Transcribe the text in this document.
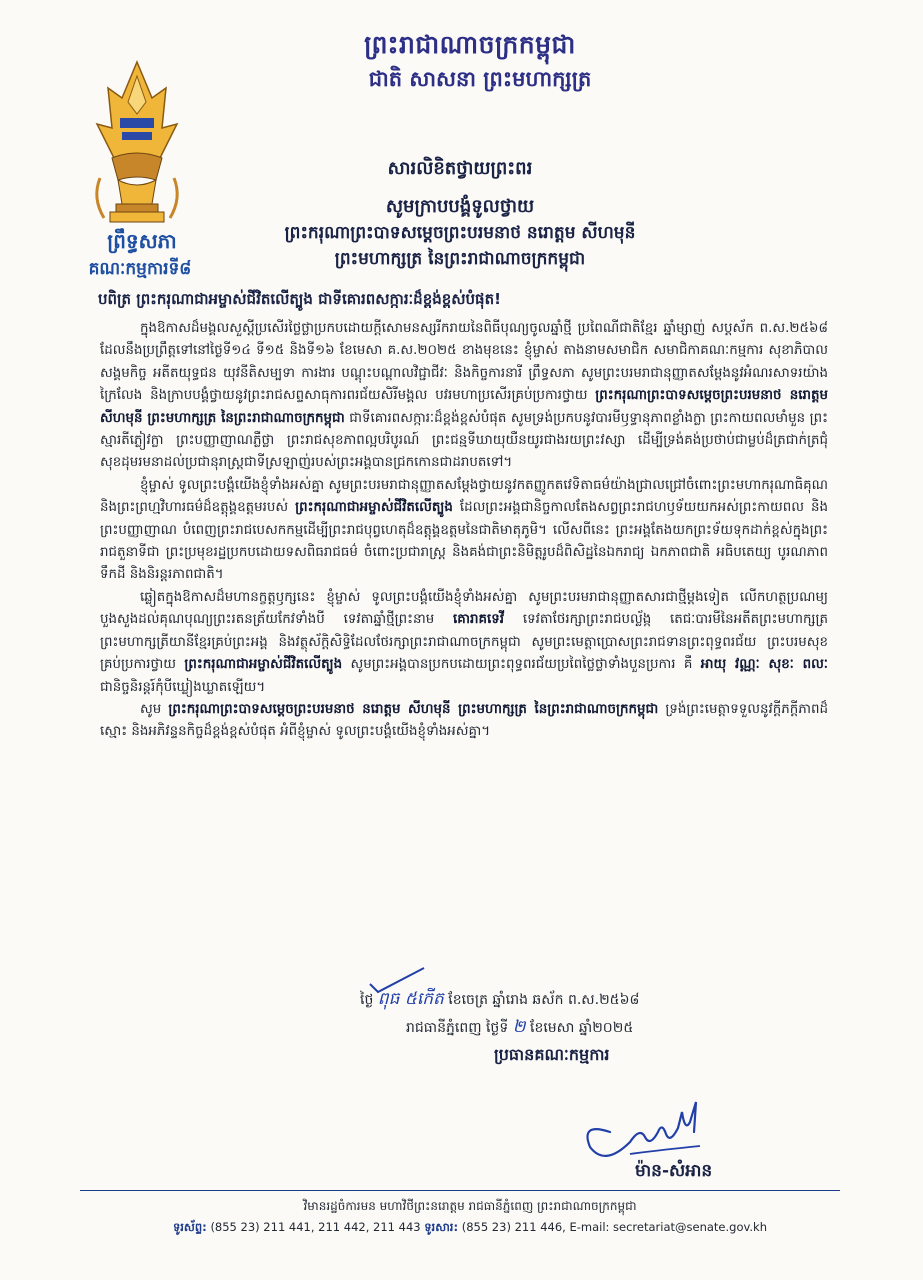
ព្រះរាជាណាចក្រកម្ពុជា
ជាតិ សាសនា ព្រះមហាក្សត្រ
ព្រឹទ្ធសភា
គណៈកម្មការទី៨
សារលិខិតថ្វាយព្រះពរ
សូមក្រាបបង្គំទូលថ្វាយ
ព្រះករុណាព្រះបាទសម្តេចព្រះបរមនាថ នរោត្តម សីហមុនី
ព្រះមហាក្សត្រ នៃព្រះរាជាណាចក្រកម្ពុជា
បពិត្រ ព្រះករុណាជាអម្ចាស់ជីវិតលើត្បូង ជាទីគោរពសក្ការៈដ៏ខ្ពង់ខ្ពស់បំផុត!

ក្នុងឱកាសដ៏មង្គលសួស្តីប្រសើរថ្លៃថ្លាប្រកបដោយក្តីសោមនស្សរីករាយនៃពិធីបុណ្យចូលឆ្នាំថ្មី ប្រពៃណីជាតិខ្មែរ ឆ្នាំម្សាញ់ សប្តស័ក ព.ស.២៥៦៨ ដែលនឹងប្រព្រឹត្តទៅនៅថ្ងៃទី១៤ ទី១៥ និងទី១៦ ខែមេសា គ.ស.២០២៥ ខាងមុខនេះ ខ្ញុំម្ចាស់ តាងនាមសមាជិក សមាជិកាគណៈកម្មការ សុខាភិបាល សង្គមកិច្ច អតីតយុទ្ធជន យុវនីតិសម្បទា ការងារ បណ្តុះបណ្តាលវិជ្ជាជីវៈ និងកិច្ចការនារី ព្រឹទ្ធសភា សូមព្រះបរមរាជានុញ្ញាតសម្តែងនូវអំណរសាទរយ៉ាងក្រៃលែង និងក្រាបបង្គំថ្វាយនូវព្រះរាជសព្ទសាធុការពរជ័យសិរីមង្គល បវរមហាប្រសើរគ្រប់ប្រការថ្វាយ ព្រះករុណាព្រះបាទសម្តេចព្រះបរមនាថ នរោត្តម សីហមុនី ព្រះមហាក្សត្រ នៃព្រះរាជាណាចក្រកម្ពុជា ជាទីគោរពសក្ការៈដ៏ខ្ពង់ខ្ពស់បំផុត សូមទ្រង់ប្រកបនូវបារមីឫទ្ធានុភាពខ្លាំងក្លា ព្រះកាយពលមាំមួន ព្រះស្មារតីភ្លៀវក្លា ព្រះបញ្ញាញាណភ្លឺថ្លា ព្រះរាជសុខភាពល្អបរិបូរណ៍ ព្រះជន្មទីឃាយុយឺនយូរជាងរយព្រះវស្សា ដើម្បីទ្រង់គង់ប្រថាប់ជាម្លប់ដ៏ត្រជាក់ត្រជុំសុខដុមរមនាដល់ប្រជានុរាស្ត្រជាទីស្រឡាញ់របស់ព្រះអង្គបានជ្រកកោនជាដរាបតទៅ។

ខ្ញុំម្ចាស់ ទូលព្រះបង្គំយើងខ្ញុំទាំងអស់គ្នា សូមព្រះបរមរាជានុញ្ញាតសម្តែងថ្វាយនូវកតញ្ញូកតវេទិតាធម៌យ៉ាងជ្រាលជ្រៅចំពោះព្រះមហាករុណាធិគុណនិងព្រះព្រហ្មវិហារធម៌ដ៏ឧត្តុង្គឧត្តមរបស់ ព្រះករុណាជាអម្ចាស់ជីវិតលើត្បូង ដែលព្រះអង្គជានិច្ចកាលតែងសព្វព្រះរាជហឫទ័យយកអស់ព្រះកាយពល និងព្រះបញ្ញាញាណ បំពេញព្រះរាជបេសកកម្មដើម្បីព្រះរាជបុព្វហេតុដ៏ឧត្តុង្គឧត្តមនៃជាតិមាតុភូមិ។ លើសពីនេះ ព្រះអង្គតែងយកព្រះទ័យទុកដាក់ខ្ពស់ក្នុងព្រះរាជតួនាទីជា ព្រះប្រមុខរដ្ឋប្រកបដោយទសពិធរាជធម៌ ចំពោះប្រជារាស្ត្រ និងគង់ជាព្រះនិមិត្តរូបដ៏ពិសិដ្ឋនៃឯករាជ្យ ឯកភាពជាតិ អធិបតេយ្យ បូរណភាពទឹកដី និងនិរន្តរភាពជាតិ។

ឆ្លៀតក្នុងឱកាសដ៏មហានក្ខត្តឫក្សនេះ ខ្ញុំម្ចាស់ ទូលព្រះបង្គំយើងខ្ញុំទាំងអស់គ្នា សូមព្រះបរមរាជានុញ្ញាតសារជាថ្មីម្តងទៀត លើកហត្ថប្រណម្យបួងសួងដល់គុណបុណ្យព្រះរតនត្រ័យកែវទាំងបី ទេវតាឆ្នាំថ្មីព្រះនាម គោរាគទេវី ទេវតាថែរក្សាព្រះរាជបល្ល័ង្ក តេជៈបារមីនៃអតីតព្រះមហាក្សត្រ ព្រះមហាក្សត្រីយានីខ្មែរគ្រប់ព្រះអង្គ និងវត្ថុស័ក្តិសិទ្ធិដែលថែរក្សាព្រះរាជាណាចក្រកម្ពុជា សូមព្រះមេត្តាប្រោសព្រះរាជទានព្រះពុទ្ធពរជ័យ ព្រះបរមសុខគ្រប់ប្រការថ្វាយ ព្រះករុណាជាអម្ចាស់ជីវិតលើត្បូង សូមព្រះអង្គបានប្រកបដោយព្រះពុទ្ធពរជ័យប្រពៃថ្លៃថ្លាទាំងបួនប្រការ គឺ អាយុ វណ្ណៈ សុខៈ ពលៈ ជានិច្ចនិរន្តរ៍កុំបីឃ្លៀងឃ្លាតឡើយ។

សូម ព្រះករុណាព្រះបាទសម្តេចព្រះបរមនាថ នរោត្តម សីហមុនី ព្រះមហាក្សត្រ នៃព្រះរាជាណាចក្រកម្ពុជា ទ្រង់ព្រះមេត្តាទទួលនូវក្តីភក្តីភាពដ៏ស្មោះ និងអភិវន្ទនកិច្ចដ៏ខ្ពង់ខ្ពស់បំផុត អំពីខ្ញុំម្ចាស់ ទូលព្រះបង្គំយើងខ្ញុំទាំងអស់គ្នា។

ថ្ងៃ ពុធ ៥កើត ខែចេត្រ ឆ្នាំរោង ឆស័ក ព.ស.២៥៦៨
រាជធានីភ្នំពេញ ថ្ងៃទី ២ ខែមេសា ឆ្នាំ២០២៥
ប្រធានគណៈកម្មការ
ម៉ាន-សំអាន
វិមានរដ្ឋចំការមន មហាវិថីព្រះនរោត្តម រាជធានីភ្នំពេញ ព្រះរាជាណាចក្រកម្ពុជា
ទូរស័ព្ទ: (855 23) 211 441, 211 442, 211 443 ទូរសារ: (855 23) 211 446, E-mail: secretariat@senate.gov.kh
